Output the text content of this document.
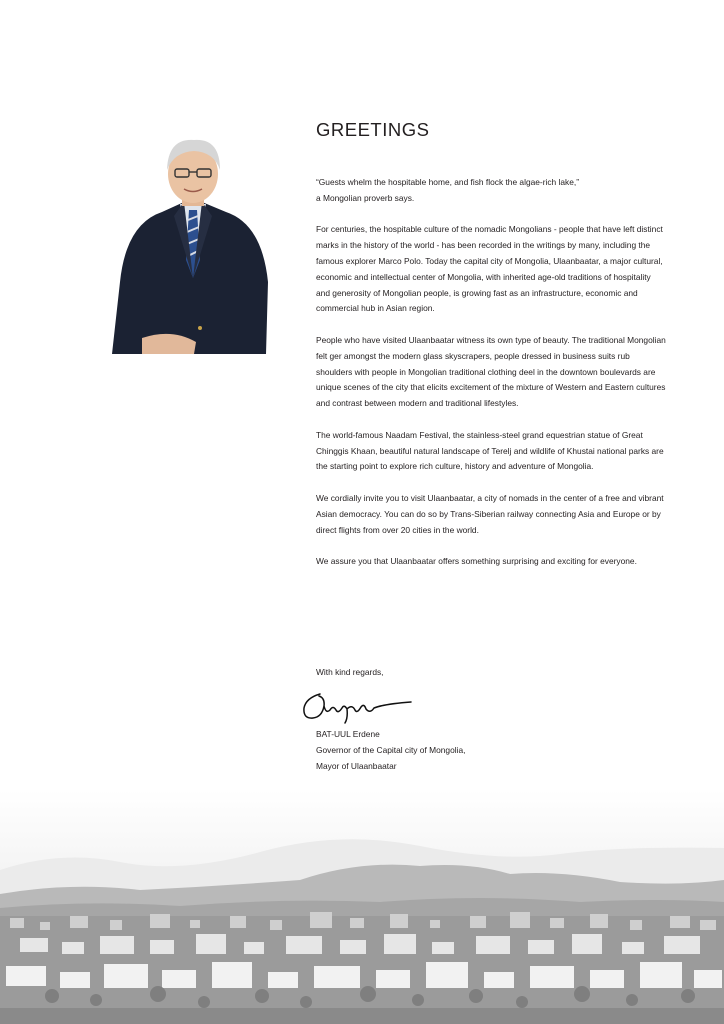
GREETINGS

“Guests whelm the hospitable home, and fish flock the algae-rich lake,”
a Mongolian proverb says.

For centuries, the hospitable culture of the nomadic Mongolians - people that have left distinct marks in the history of the world - has been recorded in the writings by many, including the famous explorer Marco Polo. Today the capital city of Mongolia, Ulaanbaatar, a major cultural, economic and intellectual center of Mongolia, with inherited age-old traditions of hospitality and generosity of Mongolian people, is growing fast as an infrastructure, economic and commercial hub in Asian region.

People who have visited Ulaanbaatar witness its own type of beauty. The traditional Mongolian felt ger amongst the modern glass skyscrapers, people dressed in business suits rub shoulders with people in Mongolian traditional clothing deel in the downtown boulevards are unique scenes of the city that elicits excitement of the mixture of Western and Eastern cultures and contrast between modern and traditional lifestyles.

The world-famous Naadam Festival, the stainless-steel grand equestrian statue of Great Chinggis Khaan, beautiful natural landscape of Terelj and wildlife of Khustai national parks are the starting point to explore rich culture, history and adventure of Mongolia.

We cordially invite you to visit Ulaanbaatar, a city of nomads in the center of a free and vibrant Asian democracy. You can do so by Trans-Siberian railway connecting Asia and Europe or by direct flights from over 20 cities in the world.

We assure you that Ulaanbaatar offers something surprising and exciting for everyone.

With kind regards,

BAT-UUL Erdene
Governor of the Capital city of Mongolia,
Mayor of Ulaanbaatar
